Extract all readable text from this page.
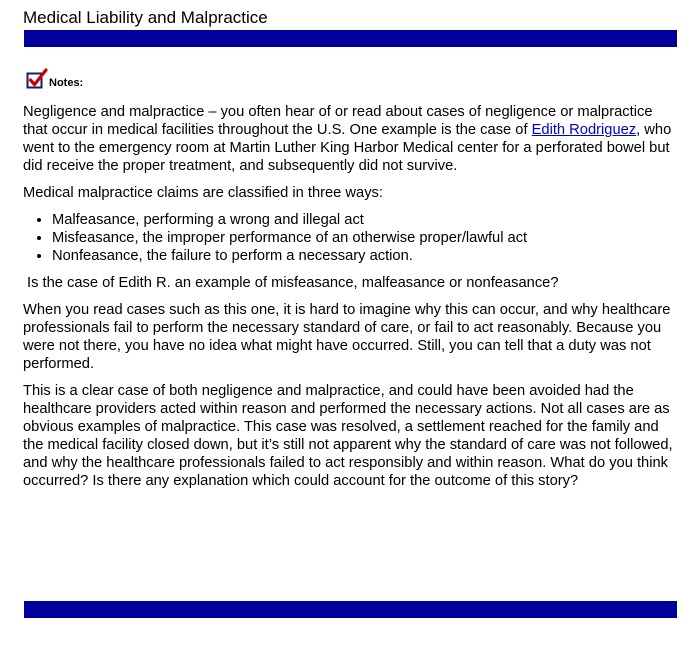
Medical Liability and Malpractice
Notes:

Negligence and malpractice – you often hear of or read about cases of negligence or malpractice that occur in medical facilities throughout the U.S. One example is the case of Edith Rodriguez, who went to the emergency room at Martin Luther King Harbor Medical center for a perforated bowel but did receive the proper treatment, and subsequently did not survive.

Medical malpractice claims are classified in three ways:

• Malfeasance, performing a wrong and illegal act
• Misfeasance, the improper performance of an otherwise proper/lawful act
• Nonfeasance, the failure to perform a necessary action.

Is the case of Edith R. an example of misfeasance, malfeasance or nonfeasance?

When you read cases such as this one, it is hard to imagine why this can occur, and why healthcare professionals fail to perform the necessary standard of care, or fail to act reasonably. Because you were not there, you have no idea what might have occurred. Still, you can tell that a duty was not performed.

This is a clear case of both negligence and malpractice, and could have been avoided had the healthcare providers acted within reason and performed the necessary actions. Not all cases are as obvious examples of malpractice. This case was resolved, a settlement reached for the family and the medical facility closed down, but it’s still not apparent why the standard of care was not followed, and why the healthcare professionals failed to act responsibly and within reason. What do you think occurred? Is there any explanation which could account for the outcome of this story?
